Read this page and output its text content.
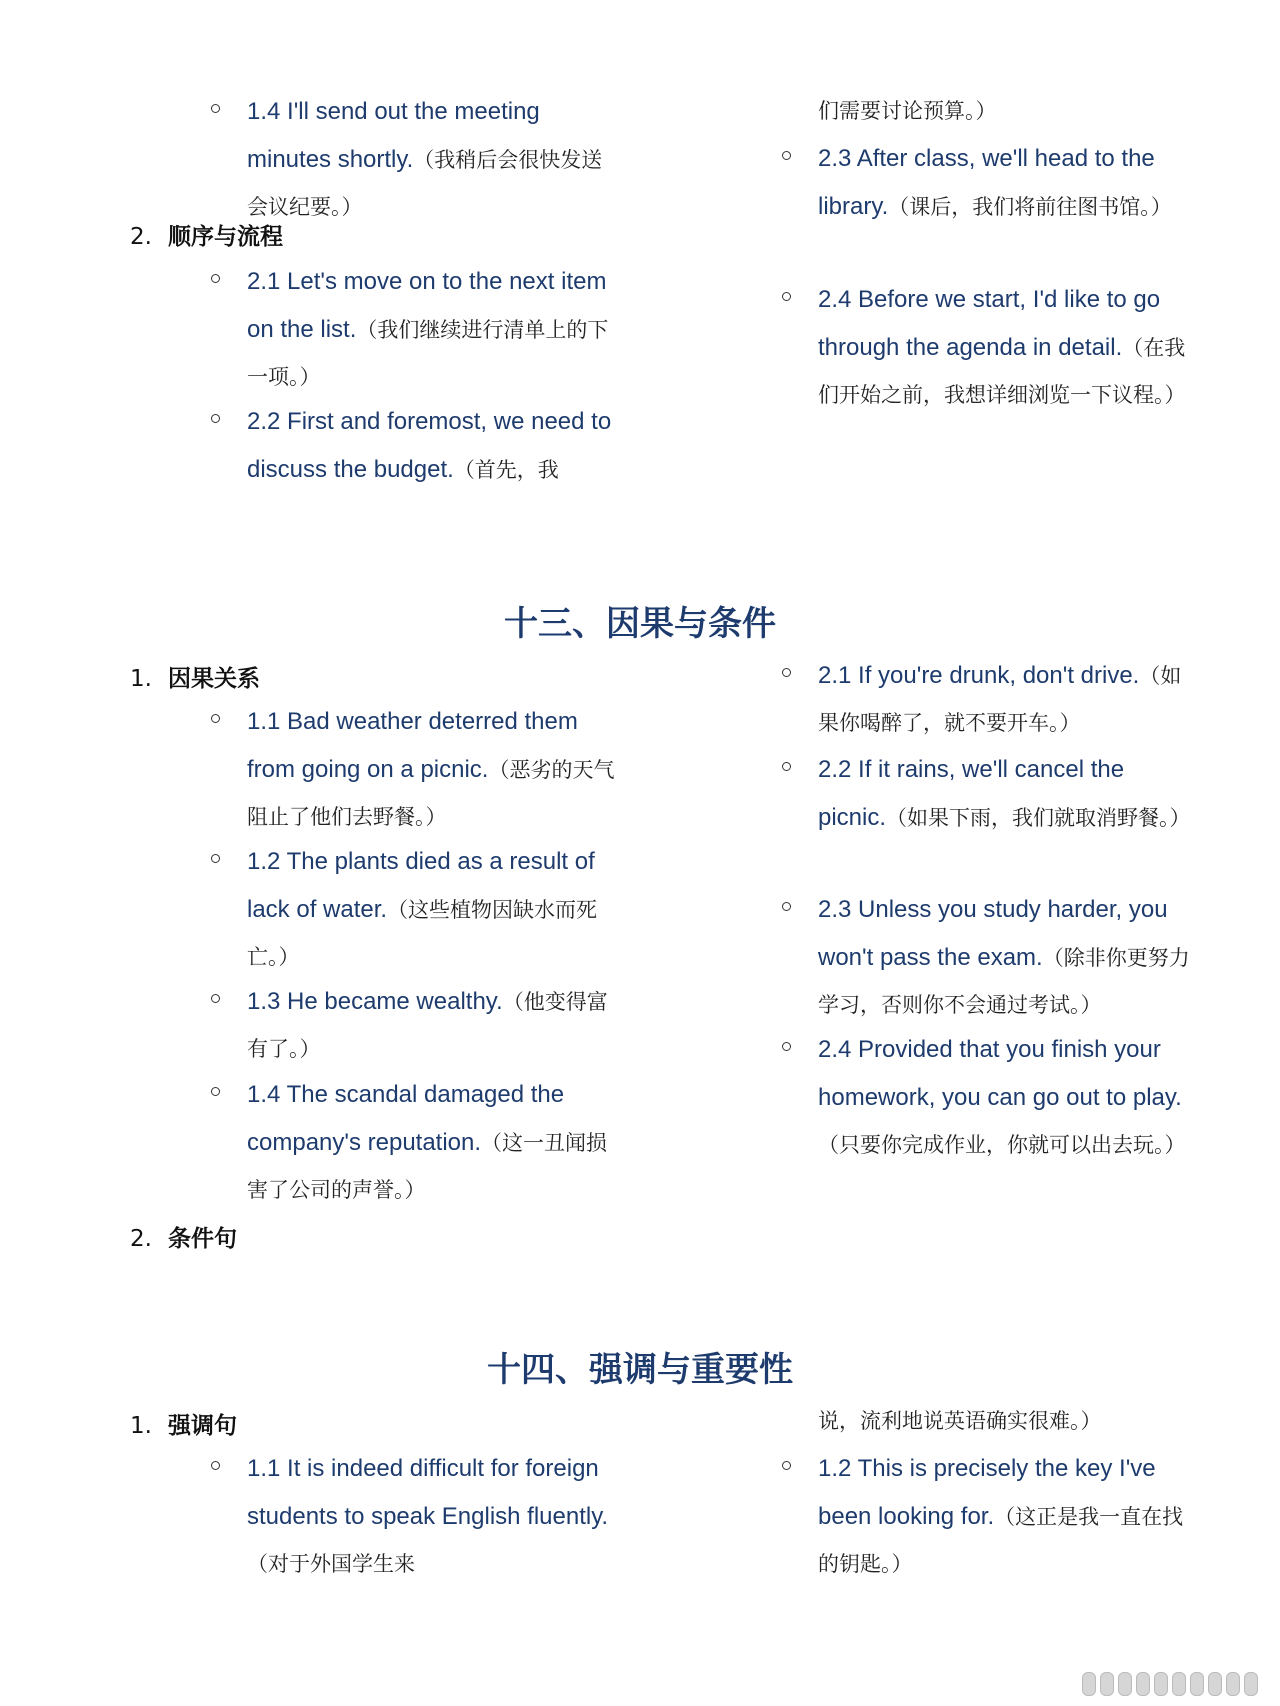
1.4 I'll send out the meeting minutes shortly.（我稍后会很快发送会议纪要。）
2. 顺序与流程
2.1 Let's move on to the next item on the list.（我们继续进行清单上的下一项。）
2.2 First and foremost, we need to discuss the budget.（首先，我
们需要讨论预算。）
2.3 After class, we'll head to the library.（课后，我们将前往图书馆。）
2.4 Before we start, I'd like to go through the agenda in detail.（在我们开始之前，我想详细浏览一下议程。）
十三、因果与条件
1. 因果关系
1.1 Bad weather deterred them from going on a picnic.（恶劣的天气阻止了他们去野餐。）
1.2 The plants died as a result of lack of water.（这些植物因缺水而死亡。）
1.3 He became wealthy.（他变得富有了。）
1.4 The scandal damaged the company's reputation.（这一丑闻损害了公司的声誉。）
2. 条件句
2.1 If you're drunk, don't drive.（如果你喝醉了，就不要开车。）
2.2 If it rains, we'll cancel the picnic.（如果下雨，我们就取消野餐。）
2.3 Unless you study harder, you won't pass the exam.（除非你更努力学习，否则你不会通过考试。）
2.4 Provided that you finish your homework, you can go out to play.（只要你完成作业，你就可以出去玩。）
十四、强调与重要性
1. 强调句
1.1 It is indeed difficult for foreign students to speak English fluently.（对于外国学生来
说，流利地说英语确实很难。）
1.2 This is precisely the key I've been looking for.（这正是我一直在找的钥匙。）
